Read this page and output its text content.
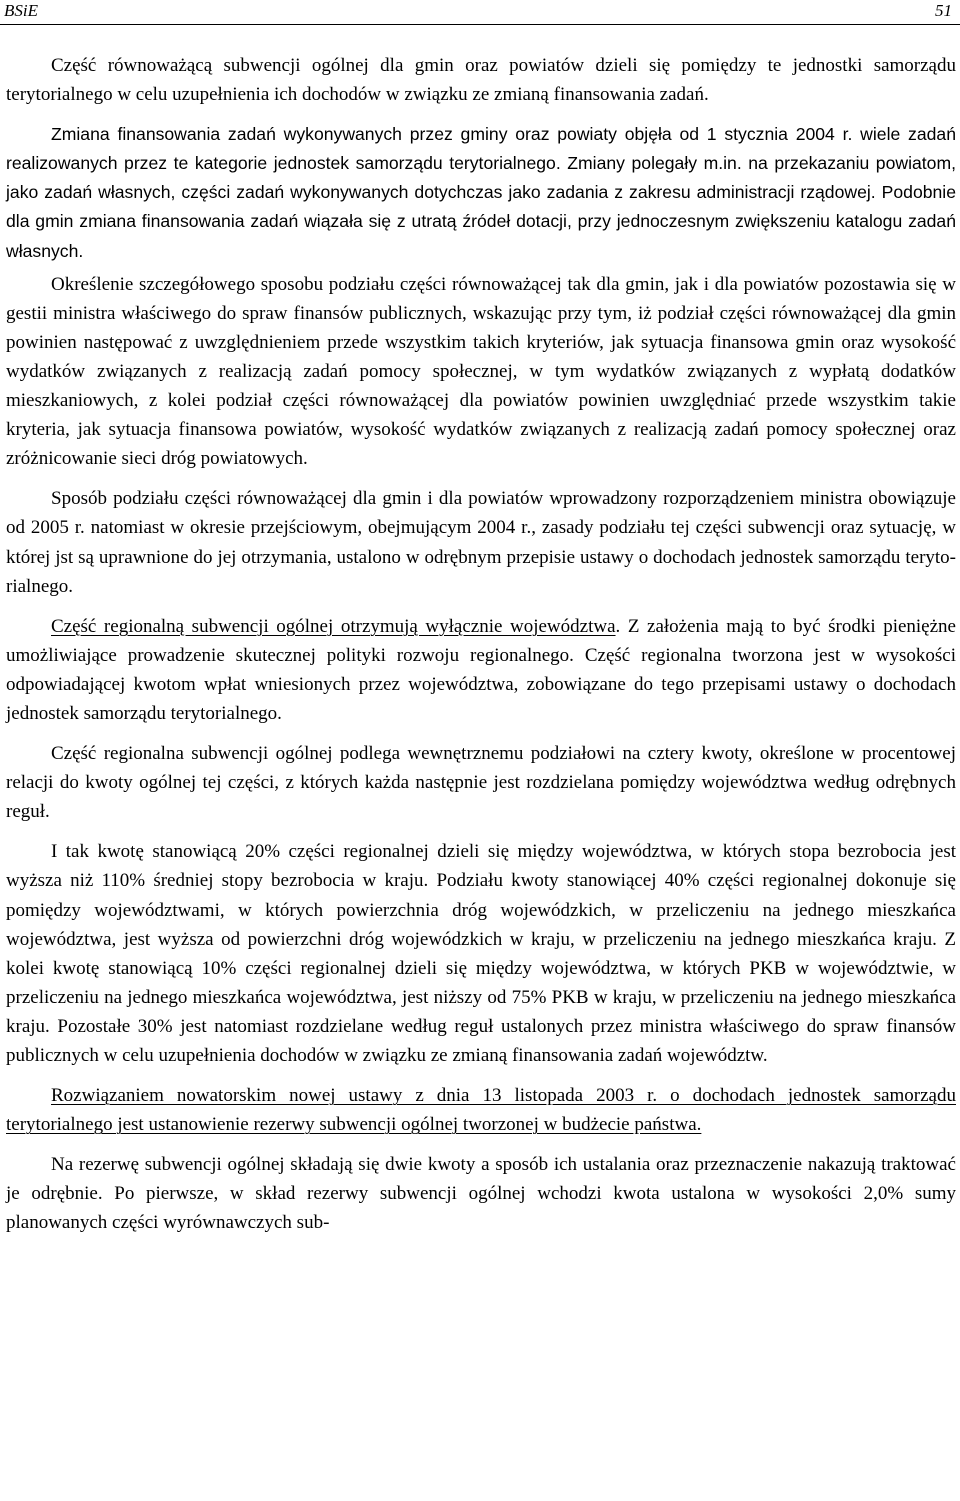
BSiE	51

Część równoważącą subwencji ogólnej dla gmin oraz powiatów dzieli się pomiędzy te jednostki samorządu terytorialnego w celu uzupełnienia ich dochodów w związku ze zmianą finansowania zadań.

Zmiana finansowania zadań wykonywanych przez gminy oraz powiaty objęła od 1 stycznia 2004 r. wiele zadań realizowanych przez te kategorie jednostek samorządu terytorialnego. Zmiany polegały m.in. na przekazaniu powiatom, jako zadań własnych, części zadań wykonywanych dotychczas jako zadania z zakresu administracji rządowej. Podobnie dla gmin zmiana finansowania zadań wiązała się z utratą źródeł dotacji, przy jednoczesnym zwiększeniu katalogu zadań własnych.

Określenie szczegółowego sposobu podziału części równoważącej tak dla gmin, jak i dla powiatów pozostawia się w gestii ministra właściwego do spraw finansów publicznych, wskazując przy tym, iż podział części równoważącej dla gmin powinien następować z uwzględnieniem przede wszystkim takich kryteriów, jak sytuacja finansowa gmin oraz wysokość wydatków związanych z realizacją zadań pomocy społecznej, w tym wydatków związanych z wypłatą dodatków mieszkaniowych, z kolei podział części równoważącej dla powiatów powinien uwzględniać przede wszystkim takie kryteria, jak sytuacja finansowa powiatów, wysokość wydatków związanych z realizacją zadań pomocy społecznej oraz zróżnicowanie sieci dróg powiatowych.

Sposób podziału części równoważącej dla gmin i dla powiatów wprowadzony rozporządzeniem ministra obowiązuje od 2005 r. natomiast w okresie przejściowym, obejmującym 2004 r., zasady podziału tej części subwencji oraz sytuację, w której jst są uprawnione do jej otrzymania, ustalono w odrębnym przepisie ustawy o dochodach jednostek samorządu terytorialnego.

Część regionalną subwencji ogólnej otrzymują wyłącznie województwa. Z założenia mają to być środki pieniężne umożliwiające prowadzenie skutecznej polityki rozwoju regionalnego. Część regionalna tworzona jest w wysokości odpowiadającej kwotom wpłat wniesionych przez województwa, zobowiązane do tego przepisami ustawy o dochodach jednostek samorządu terytorialnego.

Część regionalna subwencji ogólnej podlega wewnętrznemu podziałowi na cztery kwoty, określone w procentowej relacji do kwoty ogólnej tej części, z których każda następnie jest rozdzielana pomiędzy województwa według odrębnych reguł.

I tak kwotę stanowiącą 20% części regionalnej dzieli się między województwa, w których stopa bezrobocia jest wyższa niż 110% średniej stopy bezrobocia w kraju. Podziału kwoty stanowiącej 40% części regionalnej dokonuje się pomiędzy województwami, w których powierzchnia dróg wojewódzkich, w przeliczeniu na jednego mieszkańca województwa, jest wyższa od powierzchni dróg wojewódzkich w kraju, w przeliczeniu na jednego mieszkańca kraju. Z kolei kwotę stanowiącą 10% części regionalnej dzieli się między województwa, w których PKB w województwie, w przeliczeniu na jednego mieszkańca województwa, jest niższy od 75% PKB w kraju, w przeliczeniu na jednego mieszkańca kraju. Pozostałe 30% jest natomiast rozdzielane według reguł ustalonych przez ministra właściwego do spraw finansów publicznych w celu uzupełnienia dochodów w związku ze zmianą finansowania zadań województw.

Rozwiązaniem nowatorskim nowej ustawy z dnia 13 listopada 2003 r. o dochodach jednostek samorządu terytorialnego jest ustanowienie rezerwy subwencji ogólnej tworzonej w budżecie państwa.

Na rezerwę subwencji ogólnej składają się dwie kwoty a sposób ich ustalania oraz przeznaczenie nakazują traktować je odrębnie. Po pierwsze, w skład rezerwy subwencji ogólnej wchodzi kwota ustalona w wysokości 2,0% sumy planowanych części wyrównawczych sub-
